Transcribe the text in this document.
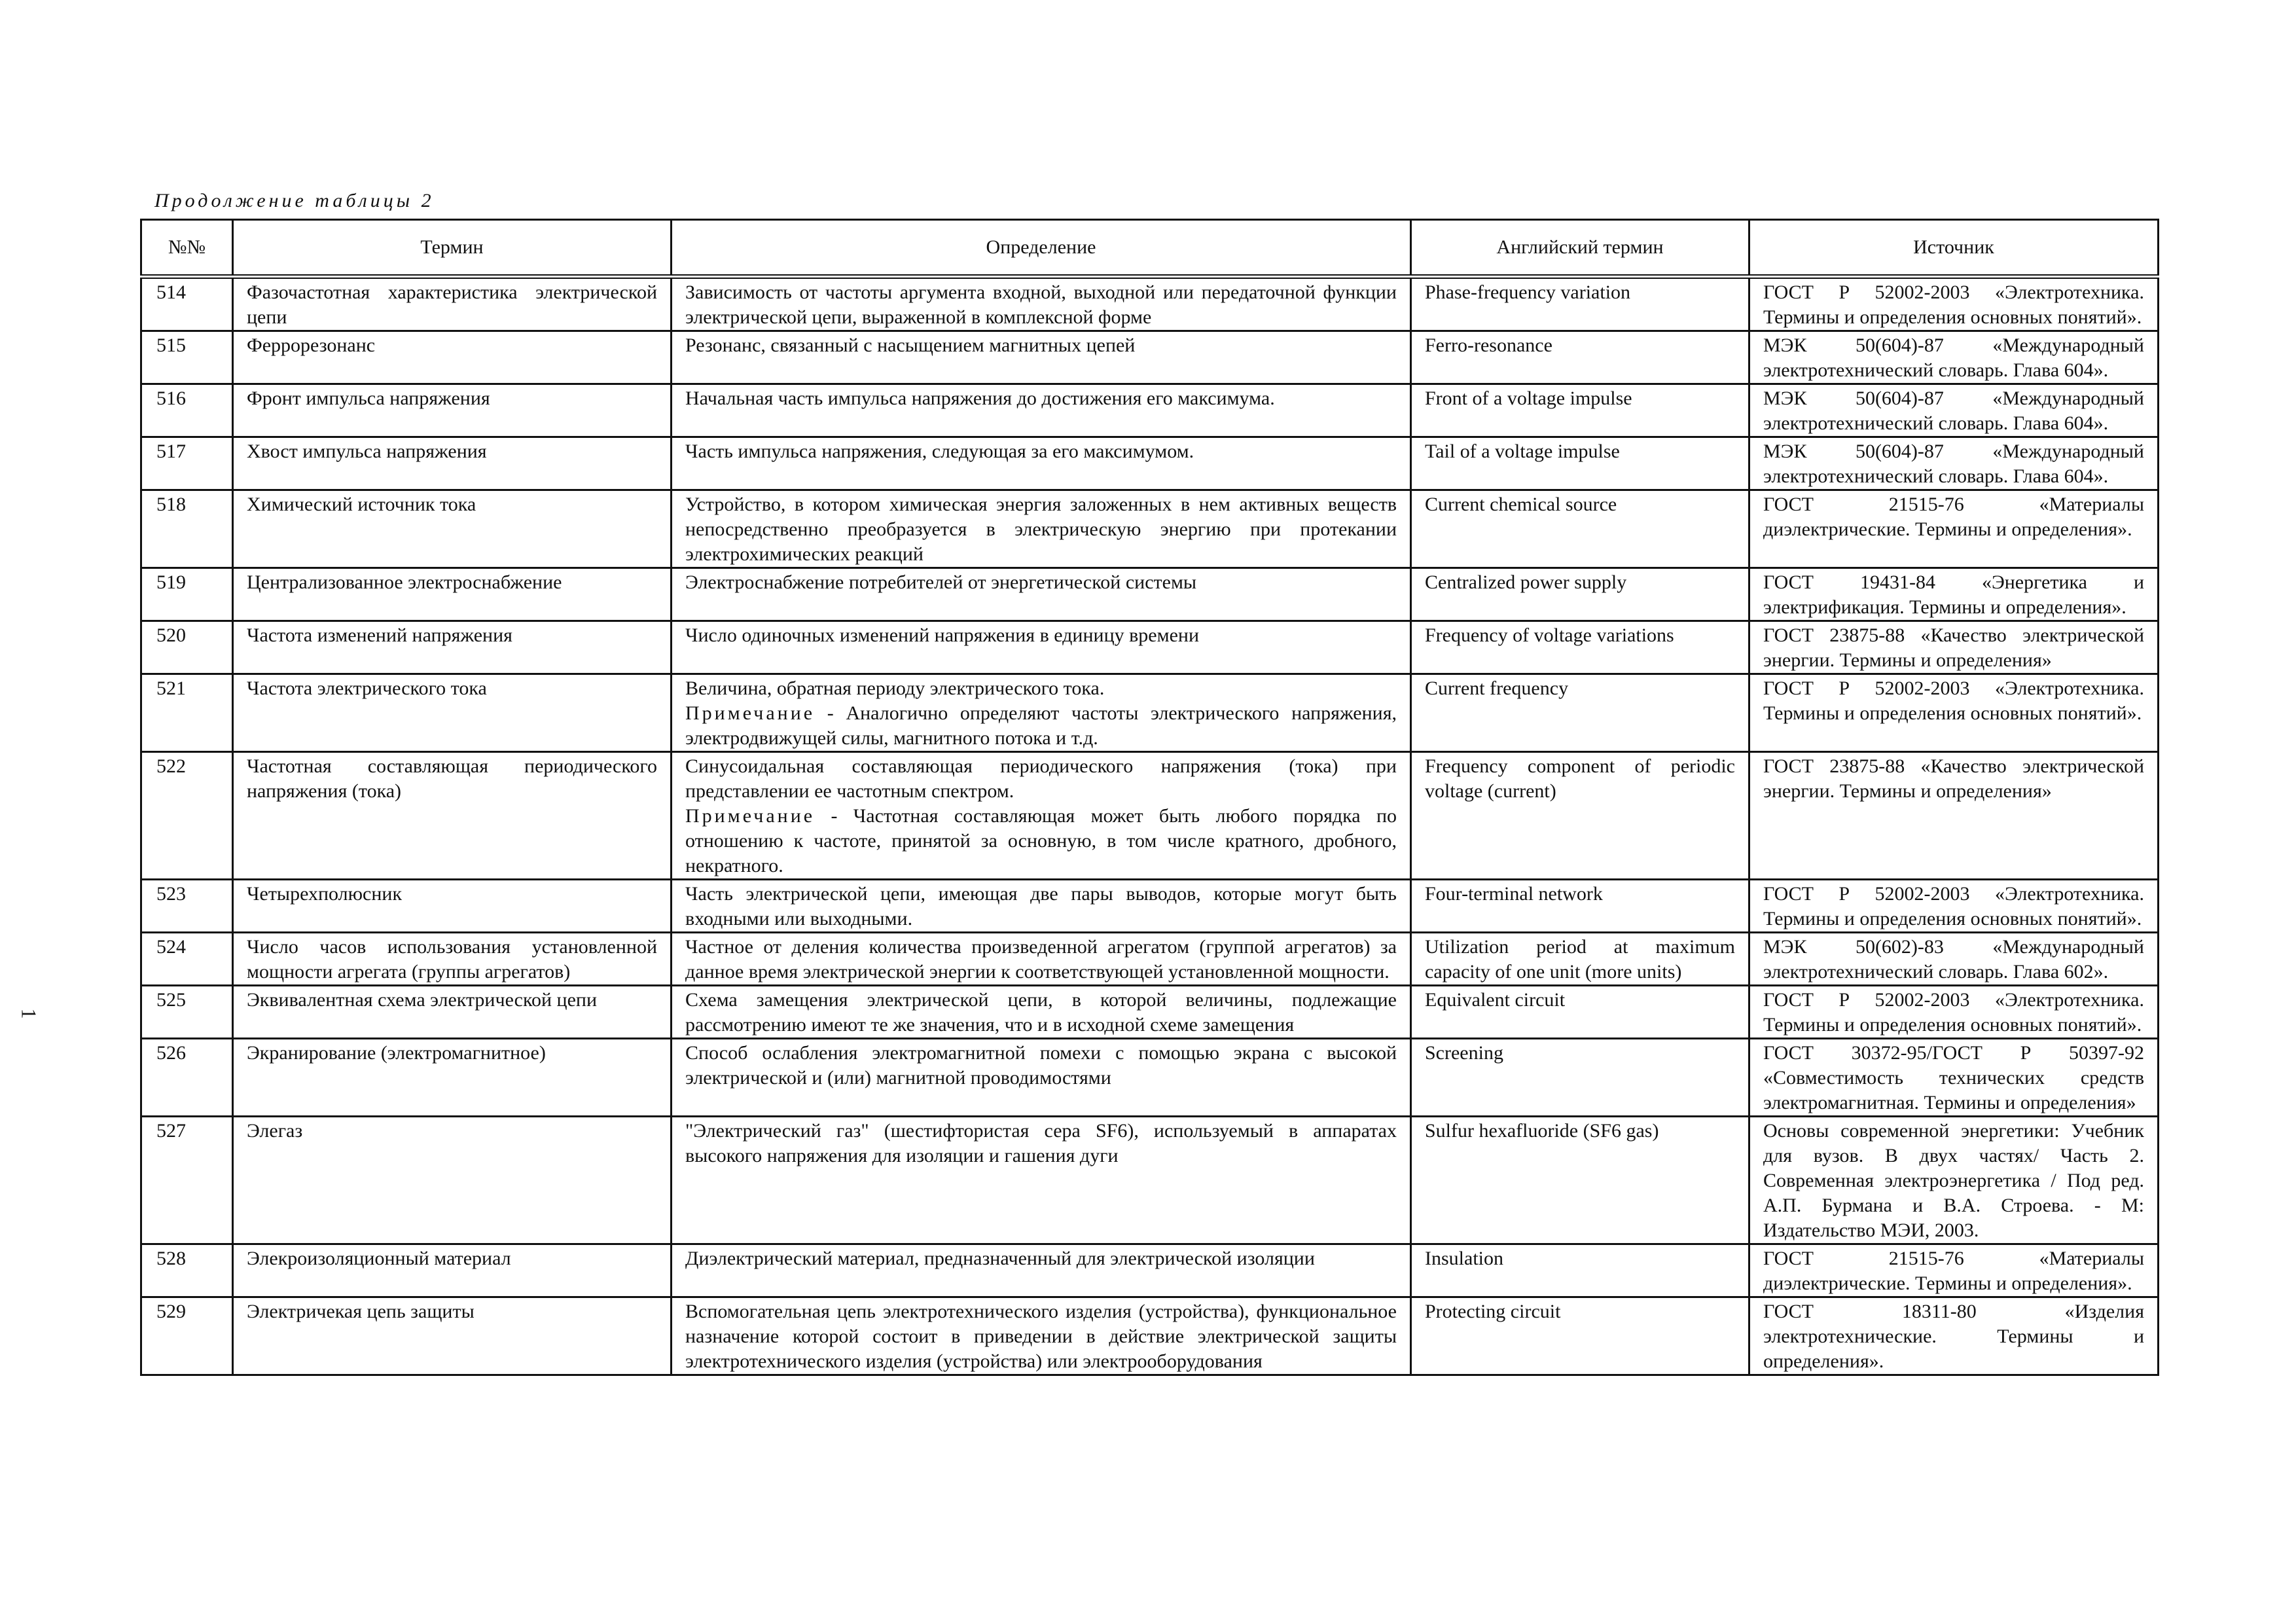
Продолжение таблицы 2
1
№№	Термин	Определение	Английский термин	Источник
514	Фазочастотная характеристика электрической цепи	Зависимость от частоты аргумента входной, выходной или передаточной функции электрической цепи, выраженной в комплексной форме	Phase-frequency variation	ГОСТ Р 52002-2003 «Электротехника. Термины и определения основных понятий».
515	Феррорезонанс	Резонанс, связанный с насыщением магнитных цепей	Ferro-resonance	МЭК 50(604)-87 «Международный электротехнический словарь. Глава 604».
516	Фронт импульса напряжения	Начальная часть импульса напряжения до достижения его максимума.	Front of a voltage impulse	МЭК 50(604)-87 «Международный электротехнический словарь. Глава 604».
517	Хвост импульса напряжения	Часть импульса напряжения, следующая за его максимумом.	Tail of a voltage impulse	МЭК 50(604)-87 «Международный электротехнический словарь. Глава 604».
518	Химический источник тока	Устройство, в котором химическая энергия заложенных в нем активных веществ непосредственно преобразуется в электрическую энергию при протекании электрохимических реакций	Current chemical source	ГОСТ 21515-76 «Материалы диэлектрические. Термины и определения».
519	Централизованное электроснабжение	Электроснабжение потребителей от энергетической системы	Centralized power supply	ГОСТ 19431-84 «Энергетика и электрификация. Термины и определения».
520	Частота изменений напряжения	Число одиночных изменений напряжения в единицу времени	Frequency of voltage variations	ГОСТ 23875-88 «Качество электрической энергии. Термины и определения»
521	Частота электрического тока	Величина, обратная периоду электрического тока.
Примечание - Аналогично определяют частоты электрического напряжения, электродвижущей силы, магнитного потока и т.д.	Current frequency	ГОСТ Р 52002-2003 «Электротехника. Термины и определения основных понятий».
522	Частотная составляющая периодического напряжения (тока)	Синусоидальная составляющая периодического напряжения (тока) при представлении ее частотным спектром.
Примечание - Частотная составляющая может быть любого порядка по отношению к частоте, принятой за основную, в том числе кратного, дробного, некратного.	Frequency component of periodic voltage (current)	ГОСТ 23875-88 «Качество электрической энергии. Термины и определения»
523	Четырехполюсник	Часть электрической цепи, имеющая две пары выводов, которые могут быть входными или выходными.	Four-terminal network	ГОСТ Р 52002-2003 «Электротехника. Термины и определения основных понятий».
524	Число часов использования установленной мощности агрегата (группы агрегатов)	Частное от деления количества произведенной агрегатом (группой агрегатов) за данное время электрической энергии к соответствующей установленной мощности.	Utilization period at maximum capacity of one unit (more units)	МЭК 50(602)-83 «Международный электротехнический словарь. Глава 602».
525	Эквивалентная схема электрической цепи	Схема замещения электрической цепи, в которой величины, подлежащие рассмотрению имеют те же значения, что и в исходной схеме замещения	Equivalent circuit	ГОСТ Р 52002-2003 «Электротехника. Термины и определения основных понятий».
526	Экранирование (электромагнитное)	Способ ослабления электромагнитной помехи с помощью экрана с высокой электрической и (или) магнитной проводимостями	Screening	ГОСТ 30372-95/ГОСТ Р 50397-92 «Совместимость технических средств электромагнитная. Термины и определения»
527	Элегаз	"Электрический газ" (шестифтористая сера SF6), используемый в аппаратах высокого напряжения для изоляции и гашения дуги	Sulfur hexafluoride (SF6 gas)	Основы современной энергетики: Учебник для вузов. В двух частях/ Часть 2. Современная электроэнергетика / Под ред. А.П. Бурмана и В.А. Строева. - М: Издательство МЭИ, 2003.
528	Элекроизоляционный материал	Диэлектрический материал, предназначенный для электрической изоляции	Insulation	ГОСТ 21515-76 «Материалы диэлектрические. Термины и определения».
529	Электричекая цепь защиты	Вспомогательная цепь электротехнического изделия (устройства), функциональное назначение которой состоит в приведении в действие электрической защиты электротехнического изделия (устройства) или электрооборудования	Protecting circuit	ГОСТ 18311-80 «Изделия электротехнические. Термины и определения».
